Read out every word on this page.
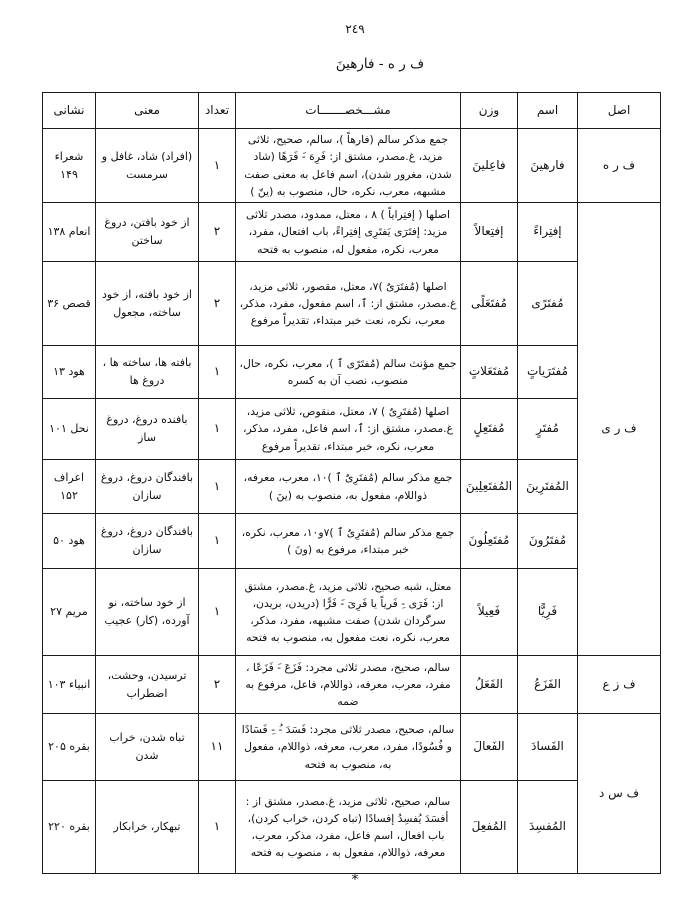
٢٤٩
ف ر ه - فارهينَ
اصل	اسم	وزن	مشـــخصـــــــات	تعداد	معنى	نشانى
ف ر ه	فارهينَ	فاعِلينَ	جمع مذكر سالم (فارهاً )، سالم، صحيح، ثلاثى مزيد، غ.مصدر، مشتق از: فَرِهَ -َ فَرَهًا (شاد شدن، مغرور شدن)، اسم فاعل به معنى صفت مشبهه، معرب، نكره، حال، منصوب به (ينّ )	۱	(افراد) شاد، غافل و سرمست	شعراء ۱۴۹
ف ر ى	إفتِراءً	إفتِعالاً	اصلها ( إفتِراياً ) ٨ ، معتل، ممدود، مصدر ثلاثى مزيد: إفتَرَى يَفتَرِى إفتِراءً، باب افتعال، مفرد، معرب، نكره، مفعول له، منصوب به فتحه	۲	از خود بافتن، دروغ ساختن	انعام ۱۳۸
	مُفتَرًى	مُفتَعَلًى	اصلها (مُفتَرَىٌ )٧، معتل، مقصور، ثلاثى مزيد، غ.مصدر، مشتق از: ٱ، اسم مفعول، مفرد، مذكر، معرب، نكره، نعت خبر مبتداء، تقديراً مرفوع	۲	از خود بافته، از خود ساخته، مجعول	قصص ۳۶
	مُفتَرَياتٍ	مُفتَعَلاتٍ	جمع مؤنث سالم (مُفتَرًى ٱ )، معرب، نكره، حال، منصوب، نصب آن به كسره	۱	بافته ها، ساخته ها ، دروغ ها	هود ۱۳
	مُفتَرٍ	مُفتَعِلٍ	اصلها (مُفتَرِىٌ ) ٧، معتل، منقوص، ثلاثى مزيد، غ.مصدر، مشتق از: ٱ، اسم فاعل، مفرد، مذكر، معرب، نكره، خبر مبتداء، تقديراً مرفوع	۱	بافنده دروغ، دروغ ساز	نحل ۱۰۱
	المُفتَرِينَ	المُفتَعِلِينَ	جمع مذكر سالم (مُفتَرِىٌ ٱ )١٠، معرب، معرفه، ذواللام، مفعول به، منصوب به (ينَ )	۱	بافندگان دروغ، دروغ سازان	اعراف ۱۵۲
	مُفتَرُونَ	مُفتَعِلُونَ	جمع مذكر سالم (مُفتَرِىٌ ٱ )٧و١٠، معرب، نكره، خبر مبتداء، مرفوع به (ونَ )	۱	بافندگان دروغ، دروغ سازان	هود ۵۰
	فَرِيًّا	فَعِيلاً	معتل، شبه صحيح، ثلاثى مزيد، غ.مصدر، مشتق از: فَرَى -ِ فَرياً يا فَرِىَ -َ فَرًّا (دريدن، بريدن، سرگردان شدن) صفت مشبهه، مفرد، مذكر، معرب، نكره، نعت مفعول به، منصوب به فتحه	۱	از خود ساخته، نو آورده، (كار) عجيب	مريم ۲۷
ف ز ع	الفَزَعُ	الفَعَلُ	سالم، صحيح، مصدر ثلاثى مجرد: فَزَعَ -َ فَزَعًا ، مفرد، معرب، معرفه، ذواللام، فاعل، مرفوع به ضمه	۲	ترسيدن، وحشت، اضطراب	انبياء ۱۰۳
ف س د	الفَسادَ	الفَعالَ	سالم، صحيح، مصدر ثلاثى مجرد: فَسَدَ -ُ -ِ فَسَادًا و فُسُودًا، مفرد، معرب، معرفه، ذواللام، مفعول به، منصوب به فتحه	۱۱	تباه شدن، خراب شدن	بقره ۲۰۵
	المُفسِدَ	المُفعِلَ	سالم، صحيح، ثلاثى مزيد، غ.مصدر، مشتق از : أفسَدَ يُفسِدُ إفسادًا (تباه كردن، خراب كردن)، باب افعال، اسم فاعل، مفرد، مذكر، معرب، معرفه، ذواللام، مفعول به ، منصوب به فتحه	۱	تبهكار، خرابكار	بقره ۲۲۰
*
